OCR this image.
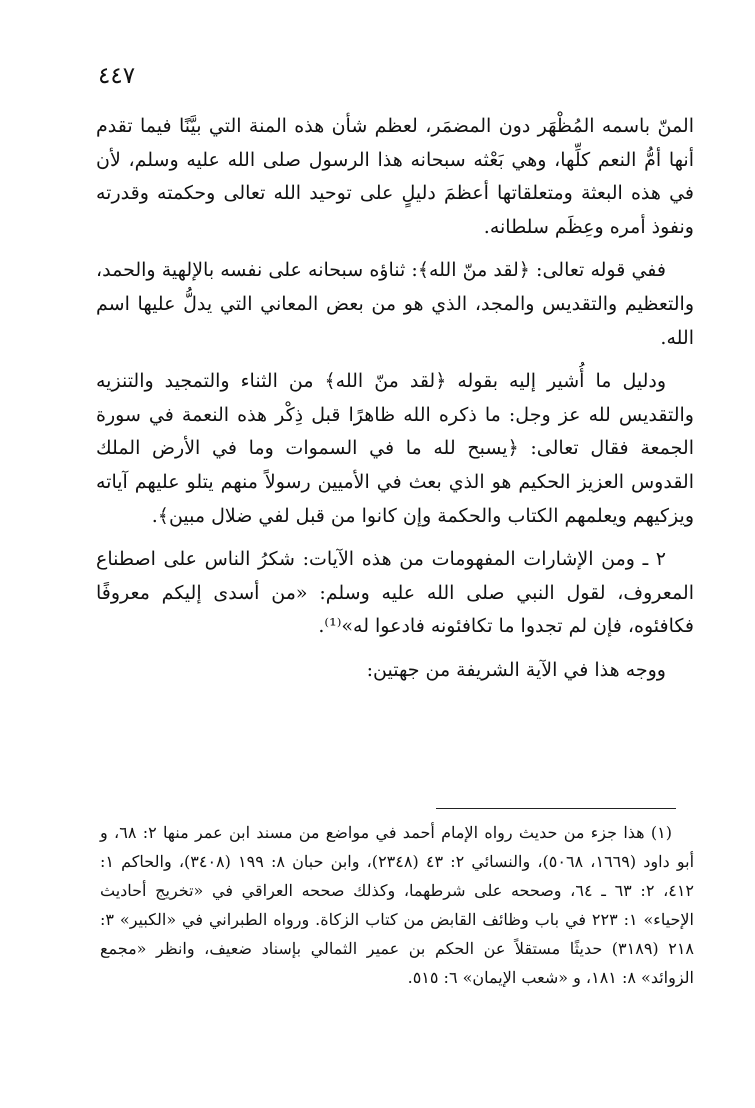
٤٤٧

المنّ باسمه المُظْهَر دون المضمَر، لعظم شأن هذه المنة التي بيَّنًا فيما تقدم أنها أمُّ النعم كلِّها، وهي بَعْثه سبحانه هذا الرسول صلى الله عليه وسلم، لأن في هذه البعثة ومتعلقاتها أعظمَ دليلٍ على توحيد الله تعالى وحكمته وقدرته ونفوذ أمره وعِظَم سلطانه.

ففي قوله تعالى: ﴿لقد منّ الله﴾: ثناؤه سبحانه على نفسه بالإلهية والحمد، والتعظيم والتقديس والمجد، الذي هو من بعض المعاني التي يدلُّ عليها اسم الله.

ودليل ما أُشير إليه بقوله ﴿لقد منّ الله﴾ من الثناء والتمجيد والتنزيه والتقديس لله عز وجل: ما ذكره الله ظاهرًا قبل ذِكْر هذه النعمة في سورة الجمعة فقال تعالى: ﴿يسبح لله ما في السموات وما في الأرض الملك القدوس العزيز الحكيم هو الذي بعث في الأميين رسولاً منهم يتلو عليهم آياته ويزكيهم ويعلمهم الكتاب والحكمة وإن كانوا من قبل لفي ضلال مبين﴾.

٢ ـ ومن الإشارات المفهومات من هذه الآيات: شكرُ الناس على اصطناع المعروف، لقول النبي صلى الله عليه وسلم: «من أسدى إليكم معروفًا فكافئوه، فإن لم تجدوا ما تكافئونه فادعوا له»⁽¹⁾.

ووجه هذا في الآية الشريفة من جهتين:

(١) هذا جزء من حديث رواه الإمام أحمد في مواضع من مسند ابن عمر منها ٢: ٦٨، و أبو داود (١٦٦٩، ٥٠٦٨)، والنسائي ٢: ٤٣ (٢٣٤٨)، وابن حبان ٨: ١٩٩ (٣٤٠٨)، والحاكم ١: ٤١٢، ٢: ٦٣ ـ ٦٤، وصححه على شرطهما، وكذلك صححه العراقي في «تخريج أحاديث الإحياء» ١: ٢٢٣ في باب وظائف القابض من كتاب الزكاة. ورواه الطبراني في «الكبير» ٣: ٢١٨ (٣١٨٩) حديثًا مستقلاً عن الحكم بن عمير الثمالي بإسناد ضعيف، وانظر «مجمع الزوائد» ٨: ١٨١، و «شعب الإيمان» ٦: ٥١٥.
